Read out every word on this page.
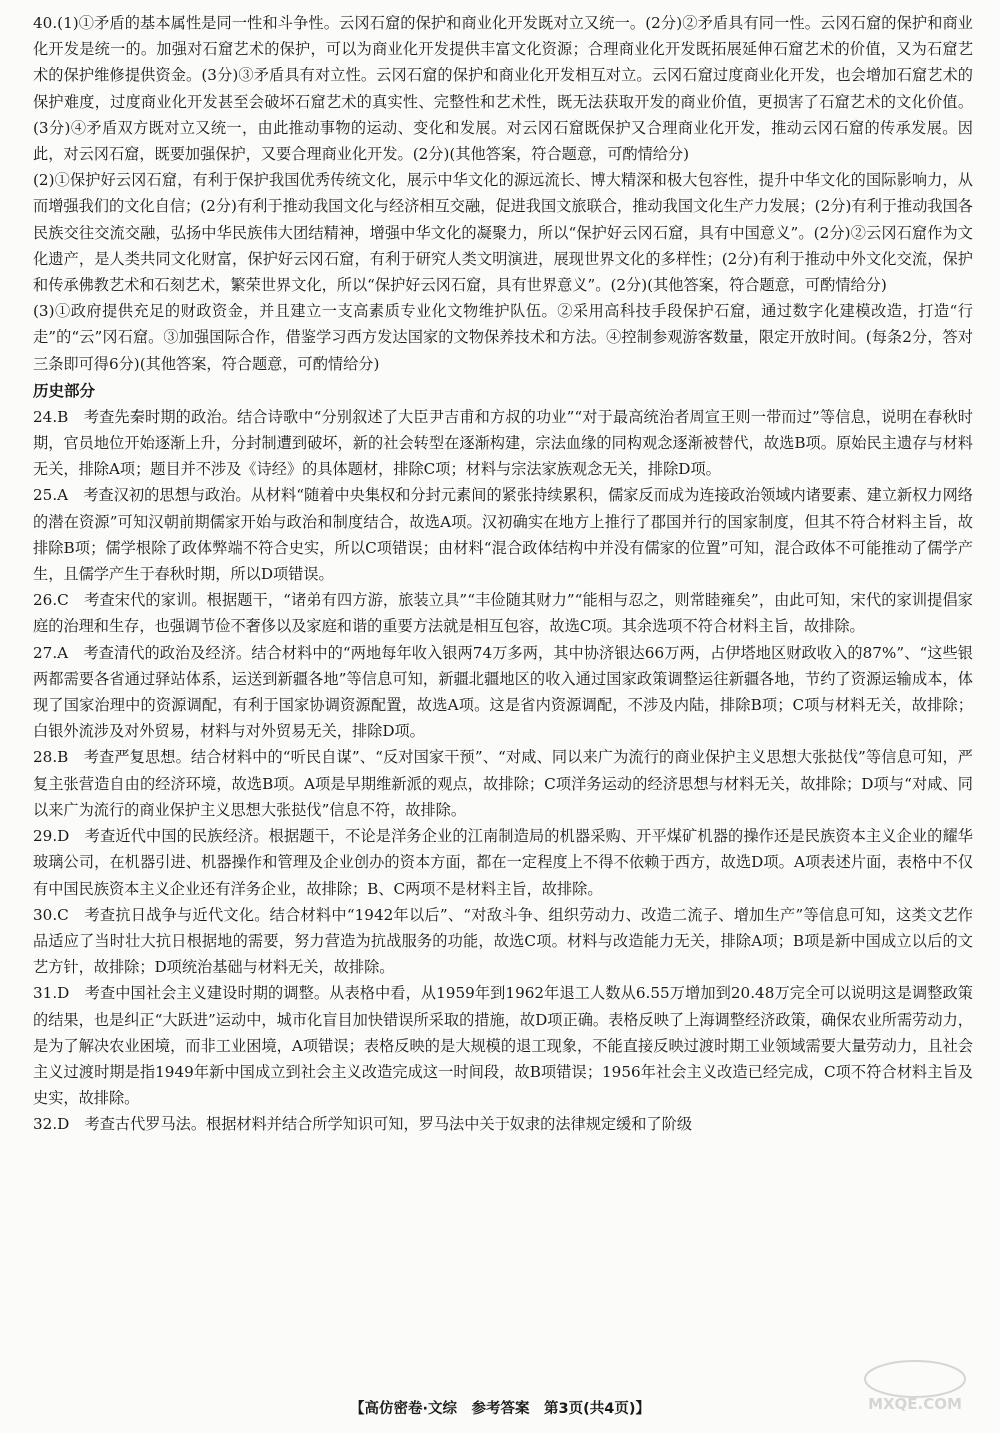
40.(1)①矛盾的基本属性是同一性和斗争性。云冈石窟的保护和商业化开发既对立又统一。(2分)②矛盾具有同一性。云冈石窟的保护和商业化开发是统一的。加强对石窟艺术的保护，可以为商业化开发提供丰富文化资源；合理商业化开发既拓展延伸石窟艺术的价值，又为石窟艺术的保护维修提供资金。(3分)③矛盾具有对立性。云冈石窟的保护和商业化开发相互对立。云冈石窟过度商业化开发，也会增加石窟艺术的保护难度，过度商业化开发甚至会破坏石窟艺术的真实性、完整性和艺术性，既无法获取开发的商业价值，更损害了石窟艺术的文化价值。(3分)④矛盾双方既对立又统一，由此推动事物的运动、变化和发展。对云冈石窟既保护又合理商业化开发，推动云冈石窟的传承发展。因此，对云冈石窟，既要加强保护，又要合理商业化开发。(2分)(其他答案，符合题意，可酌情给分)

(2)①保护好云冈石窟，有利于保护我国优秀传统文化，展示中华文化的源远流长、博大精深和极大包容性，提升中华文化的国际影响力，从而增强我们的文化自信；(2分)有利于推动我国文化与经济相互交融，促进我国文旅联合，推动我国文化生产力发展；(2分)有利于推动我国各民族交往交流交融，弘扬中华民族伟大团结精神，增强中华文化的凝聚力，所以“保护好云冈石窟，具有中国意义”。(2分)②云冈石窟作为文化遗产，是人类共同文化财富，保护好云冈石窟，有利于研究人类文明演进，展现世界文化的多样性；(2分)有利于推动中外文化交流，保护和传承佛教艺术和石刻艺术，繁荣世界文化，所以“保护好云冈石窟，具有世界意义”。(2分)(其他答案，符合题意，可酌情给分)

(3)①政府提供充足的财政资金，并且建立一支高素质专业化文物维护队伍。②采用高科技手段保护石窟，通过数字化建模改造，打造“行走”的“云”冈石窟。③加强国际合作，借鉴学习西方发达国家的文物保养技术和方法。④控制参观游客数量，限定开放时间。(每条2分，答对三条即可得6分)(其他答案，符合题意，可酌情给分)

历史部分

24.B　考查先秦时期的政治。结合诗歌中“分别叙述了大臣尹吉甫和方叔的功业”“对于最高统治者周宣王则一带而过”等信息，说明在春秋时期，官员地位开始逐渐上升，分封制遭到破坏，新的社会转型在逐渐构建，宗法血缘的同构观念逐渐被替代，故选B项。原始民主遗存与材料无关，排除A项；题目并不涉及《诗经》的具体题材，排除C项；材料与宗法家族观念无关，排除D项。

25.A　考查汉初的思想与政治。从材料“随着中央集权和分封元素间的紧张持续累积，儒家反而成为连接政治领域内诸要素、建立新权力网络的潜在资源”可知汉朝前期儒家开始与政治和制度结合，故选A项。汉初确实在地方上推行了郡国并行的国家制度，但其不符合材料主旨，故排除B项；儒学根除了政体弊端不符合史实，所以C项错误；由材料“混合政体结构中并没有儒家的位置”可知，混合政体不可能推动了儒学产生，且儒学产生于春秋时期，所以D项错误。

26.C　考查宋代的家训。根据题干，“诸弟有四方游，旅装立具”“丰俭随其财力”“能相与忍之，则常睦雍矣”，由此可知，宋代的家训提倡家庭的治理和生存，也强调节俭不奢侈以及家庭和谐的重要方法就是相互包容，故选C项。其余选项不符合材料主旨，故排除。

27.A　考查清代的政治及经济。结合材料中的“两地每年收入银两74万多两，其中协济银达66万两，占伊塔地区财政收入的87%”、“这些银两都需要各省通过驿站体系，运送到新疆各地”等信息可知，新疆北疆地区的收入通过国家政策调整运往新疆各地，节约了资源运输成本，体现了国家治理中的资源调配，有利于国家协调资源配置，故选A项。这是省内资源调配，不涉及内陆，排除B项；C项与材料无关，故排除；白银外流涉及对外贸易，材料与对外贸易无关，排除D项。

28.B　考查严复思想。结合材料中的“听民自谋”、“反对国家干预”、“对咸、同以来广为流行的商业保护主义思想大张挞伐”等信息可知，严复主张营造自由的经济环境，故选B项。A项是早期维新派的观点，故排除；C项洋务运动的经济思想与材料无关，故排除；D项与“对咸、同以来广为流行的商业保护主义思想大张挞伐”信息不符，故排除。

29.D　考查近代中国的民族经济。根据题干，不论是洋务企业的江南制造局的机器采购、开平煤矿机器的操作还是民族资本主义企业的耀华玻璃公司，在机器引进、机器操作和管理及企业创办的资本方面，都在一定程度上不得不依赖于西方，故选D项。A项表述片面，表格中不仅有中国民族资本主义企业还有洋务企业，故排除；B、C两项不是材料主旨，故排除。

30.C　考查抗日战争与近代文化。结合材料中“1942年以后”、“对敌斗争、组织劳动力、改造二流子、增加生产”等信息可知，这类文艺作品适应了当时壮大抗日根据地的需要，努力营造为抗战服务的功能，故选C项。材料与改造能力无关，排除A项；B项是新中国成立以后的文艺方针，故排除；D项统治基础与材料无关，故排除。

31.D　考查中国社会主义建设时期的调整。从表格中看，从1959年到1962年退工人数从6.55万增加到20.48万完全可以说明这是调整政策的结果，也是纠正“大跃进”运动中，城市化盲目加快错误所采取的措施，故D项正确。表格反映了上海调整经济政策，确保农业所需劳动力，是为了解决农业困境，而非工业困境，A项错误；表格反映的是大规模的退工现象，不能直接反映过渡时期工业领域需要大量劳动力，且社会主义过渡时期是指1949年新中国成立到社会主义改造完成这一时间段，故B项错误；1956年社会主义改造已经完成，C项不符合材料主旨及史实，故排除。

32.D　考查古代罗马法。根据材料并结合所学知识可知，罗马法中关于奴隶的法律规定缓和了阶级

【高仿密卷·文综　参考答案　第3页(共4页)】	MXQE.COM
